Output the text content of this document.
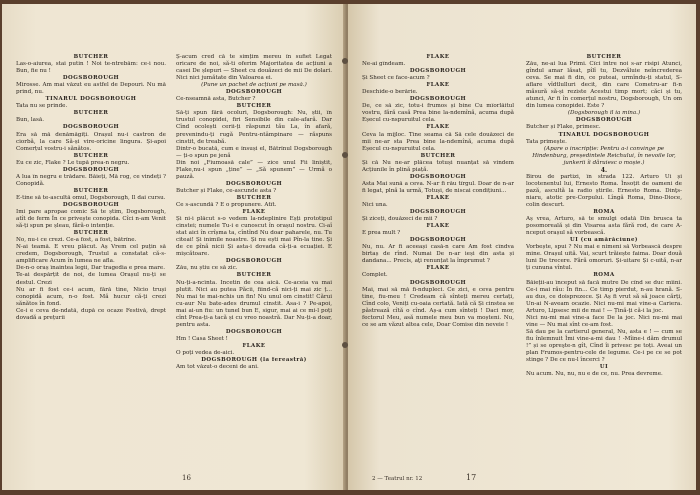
BUTCHER
Las-o-aiurea, stai putin ! Noi te-ntrebăm: ce-i nou. Bun, fie nu !
DOGSBOROUGH
Mirosse. Am mai văzut eu astfel de Depouri. Nu mă prind, nu.
TÎNĂRUL DOGSBOROUGH
Tata nu se prinde.
BUTCHER
Bun, lasă.
DOGSBOROUGH
Era să mă denămăgiți. Orașul nu-i castron de ciorbă, la care Să-și vire-oricine lingura. Și-apoi Comerțul vostru-i sănătos.
BUTCHER
Eu ce zic, Flake ? Le tupă prea-n negru.
DOGSBOROUGH
A lua în negru e trădare. Băieți, Mă rog, ce vindeți ? Conopidă.
BUTCHER
E-tine să te-ascultă omul, Dogsborough, Îl dai cursu.
DOGSBOROUGH
Îmi pare apropae comic Să te știm, Dogsborough, atît de ferm În ce privește conopida. Cîci n-am Venit să-ți spun pe șleau, fără-o intenție.
BUTCHER
No, nu-i ce crezi. Ce-a fost, a fost, bătrîne.
N-ai teamă. E vreu plăcut. Aș Vrem cel puțin să credem, Dogsborough, Trustul a constatat că-s-amplificare Acum în lumea ne afla.
De-n-o oraș înaintea legii, Dar tragedia e prea mare.
Te-ai despărțit de noi, de lumea Orașul nu-ți se destul. Crezi
Nu ar fi fost ce-i acum, fără tine, Nicio truși conopidă acum, n-o fost. Mă hucur că-ți crezi sănătos în fond.
Ce-i e ceva de-ndată, după ce ocaze Festivă, drept dovadă a prețurii
Ș-acum cred că te simțim mereu în sufiet Legat oricare de noi, să-ti oferim Majoritatea de acțiuni a casei De șlepuri — Sheet cu douăzeci de mii De dolari. Nici nici jumătate din Valoarea ei.
(Pune un pachet de acțiuni pe masă.)
DOGSBOROUGH
Ce-nseamnă asta, Butcher ?
BUTCHER
Să-ți spun fără ocoluri, Dogsborough: Nu, știi, în trustul conopidei, firi Sensibile din cale-afară. Dar Cînd ocolești cerii-ți răspunzi tău La, în afară, prevenindu-ți rugă Pentru-ntâmpinare — răspuns cinstit, de treabă.
Dintr-o bucată, cum e însuși el, Bătrînul Dogsborough — ți-o spun pe jenă
Din noi „Fiumoasă cale” — zice unul Fii liniștit, Flake,nu-i spun „ține” — „Să spunem” — Urmă o pauză.
DOGSBOROUGH
Butcher și Flake, ce-ascunde asta ?
BUTCHER
Ce s-ascundă ? E o propunere. Atît.
FLAKE
Și ni-i plăcut s-o vedem la-ndeplinire Eșți prototipul cinstei; numele Tu-i e cunoscut în orașul nostru. Ci-aî stat aici în crîșma ta, cîntînd Nu doar paharele, nu. Tu citeai! Și inimile noastre. Și nu ești mai Pîn-la tine. Și de ce pînă nicii Și asta-i dovada că-ți-a ecuației. E mișcătoare.
DOGSBOROUGH
Zău, nu știu ce să zic.
BUTCHER
Nu-ți-a-ncînta. Încetin de cea aică. Ce-aceia va mai plutit. Nici au putea Păcii, fiind-că nici-ți mai zic ț... Nu mai te mai-nchis un fin! Nu unul om cinstit! Cărui cu-aur Nu bate-ades drumul cinstit. Asa-i ? Pe-apoi, mai ai-un fiu: un tunel bun E, sigur, mai ai ce mi-l poți cînt Prea-ți-a tacă și cu vreo noastră. Dar Nu-ți-a doar, pentru asta.
DOGSBOROUGH
Hm ! Casa Sheet !
FLAKE
O poți vedea de-aici.
DOGSBOROUGH (la fereastră)
Am tot văzut-o deceni de ani.
16
FLAKE
Ne-ai gîndeam.
DOGSBOROUGH
Și Sheet ce face-acum ?
FLAKE
Deschide-o berărie.
DOGSBOROUGH
De, ce să zic, totu-i frumos și bine Cu mîorlăitul vostru, fără casă Prea bine la-ndemînă, acuma după Eșecul cu-nspuruitul cela.
FLAKE
Ceva la mijloc. Tine seama că Să cele douăzeci de mii ne-ar sta Prea bine la-ndemînă, acuma după Eșecul cu-nspuruitul cela.
BUTCHER
Și că Nu ne-ar plăcea totuși nuanțat să vindem Acțiunile în plină piață.
DOGSBOROUGH
Asta Mai sună a ceva. N-ar fi rău tîrgul. Doar de n-ar fi legat, plnă la urmă, Totuși, de niscai condițiuni...
FLAKE
Nici una.
DOGSBOROUGH
Și ziceți, douăzeci de mii ?
FLAKE
E prea mult ?
DOGSBOROUGH
Nu, nu. Ar fi aceeași casă-n care Am fost cîndva birtaș de rînd. Numai De n-ar ieși din asta și dandana... Precis, aţi renunțat la împrumut ?
FLAKE
Complet.
DOGSBOROUGH
Mai, mai să mă fi-ndupleci. Ce zici, e ceva pentru tine, fiu-meu ! Credeam că sînteți mereu certați, Cînd colo, Veniți cu-oaia certată. Iată că Și cinstea se păstrează cîtă o cînd. Aș-a cum sînteți ! Daci mor, fectorul Meu, asă numele meu bun va moșteni. Nu, ce se am văzut altea cele, Doar Comise din neveie !
BUTCHER
Zău, ne-ai lua Primi. Cîci între noi s-ar risipi Atunci, gîndul amar lăsat, pîlî tu, Dezvăluie neîncrederea ceva. Se mai fi din, ce puteai, urmîndu-ți statul, S-aflare vîdtlulluri decit, din care Cometru-ar fi-n măsură să-și reziste Acestui timp mort; căci și tu, atunci, Ar fi în comerțul nostru, Dogsborough, Un om din lumea conopidei. Este ?
(Dogsborough îl ia mîna.)
DOGSBOROUGH
Butcher și Flake, primesc.
TÎNĂRUL DOGSBOROUGH
Tata primește.
(Apare o inscripție: Pentru a-i convinge pe Hindenburg, președintele Reichului, în nevoile lor, junkerii îi dăruiesc o moșie.)
4.
Birou de partizi, în strada 122. Arturo Ui și locotenentul lui, Ernesto Roma. Însoțit de oameni de pază, ascultă la radio știrile. Ernesto Roma. Dinţs-niaru, atotic pre-Corpului. Lîngă Roma, Dino-Dioce, colin descurt.
ROMA
Aș vrea, Arturo, să te smulgi odată Din brusca ta posomoreală și din Visarea asta fără rod, de care A-nceput orașul să vorbească.
UI (cu amărăciune)
Vorbește, spui ? Nu mai e nimeni să Vorbească despre mine. Orașul uită. Vai, scurt trăiește faima. Doar două luni De trecere. Fără omoruri. Și-uitare Și c-uită, n-ar ți cununa vîntul.
ROMA
Băieții-au început să facă mutre De cînd se duc mîini. Ce-i mai rău: În fin... Ce timp pierdut, n-au hrană. S-au dus, ce doisprezece. Și Aș fi vrut să să joace cărți, Un-ai N-aveam ocazie. Nici nu-mi mai vine-a Cariera. Arturo, Lipsesc mii de mai ! — Țină-ți că-i la joc.
Nici nu-mi mai vine-a face De la joc. Nici nu-mi mai vine — Nu mai sînt ce-am fost.
Să dau pe la cartierul general, Nu, asta e ! — cum se fiu înlemnuit Îmi vine-a-mi dau ! -Mîine-i dăm drumul !” și se opreşte-n gît, Cînd îi privesc pe toți. Aveai un plan Frumos-pentru-cele de legume. Ce-i pe ce se pot stinge ? De ce nu-l încerci ?
UI
Nu acum. Nu, nu, nu e de ce, nu. Prea devreme.
2 — Teatrul nr. 12	17
